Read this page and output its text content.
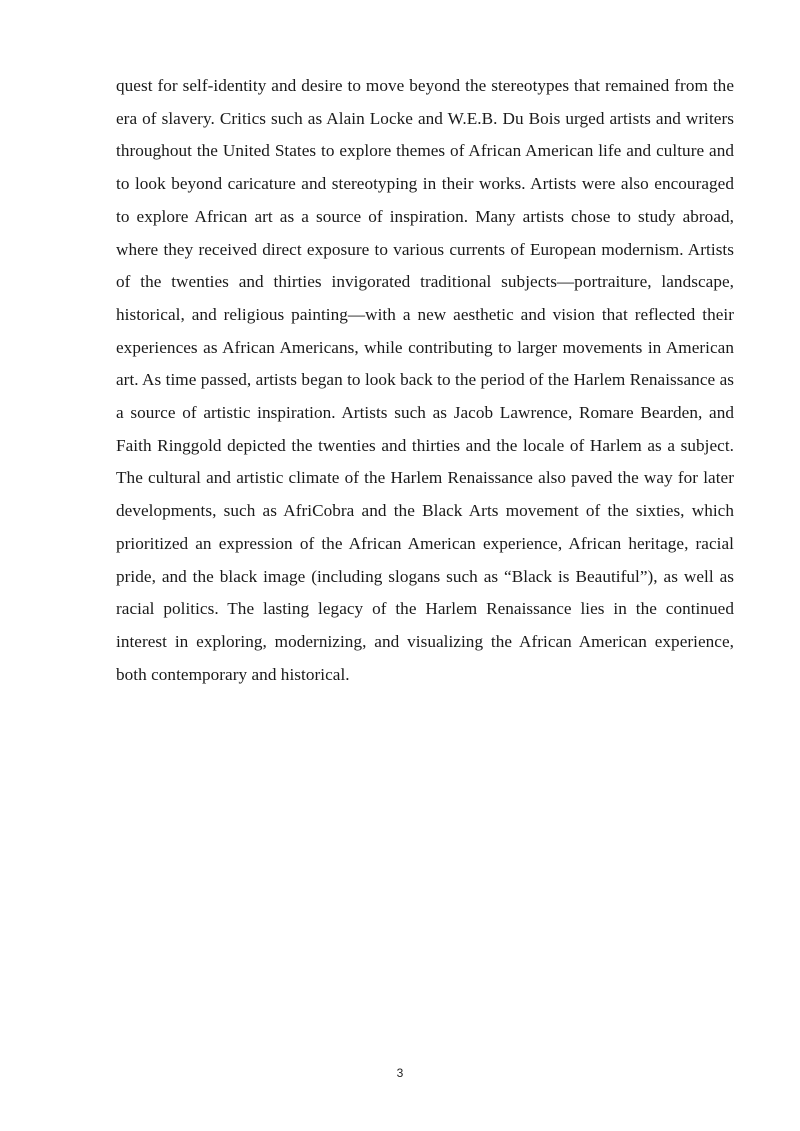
quest for self-identity and desire to move beyond the stereotypes that remained from the era of slavery. Critics such as Alain Locke and W.E.B. Du Bois urged artists and writers throughout the United States to explore themes of African American life and culture and to look beyond caricature and stereotyping in their works. Artists were also encouraged to explore African art as a source of inspiration. Many artists chose to study abroad, where they received direct exposure to various currents of European modernism. Artists of the twenties and thirties invigorated traditional subjects—portraiture, landscape, historical, and religious painting—with a new aesthetic and vision that reflected their experiences as African Americans, while contributing to larger movements in American art. As time passed, artists began to look back to the period of the Harlem Renaissance as a source of artistic inspiration. Artists such as Jacob Lawrence, Romare Bearden, and Faith Ringgold depicted the twenties and thirties and the locale of Harlem as a subject. The cultural and artistic climate of the Harlem Renaissance also paved the way for later developments, such as AfriCobra and the Black Arts movement of the sixties, which prioritized an expression of the African American experience, African heritage, racial pride, and the black image (including slogans such as “Black is Beautiful”), as well as racial politics. The lasting legacy of the Harlem Renaissance lies in the continued interest in exploring, modernizing, and visualizing the African American experience, both contemporary and historical.

3
